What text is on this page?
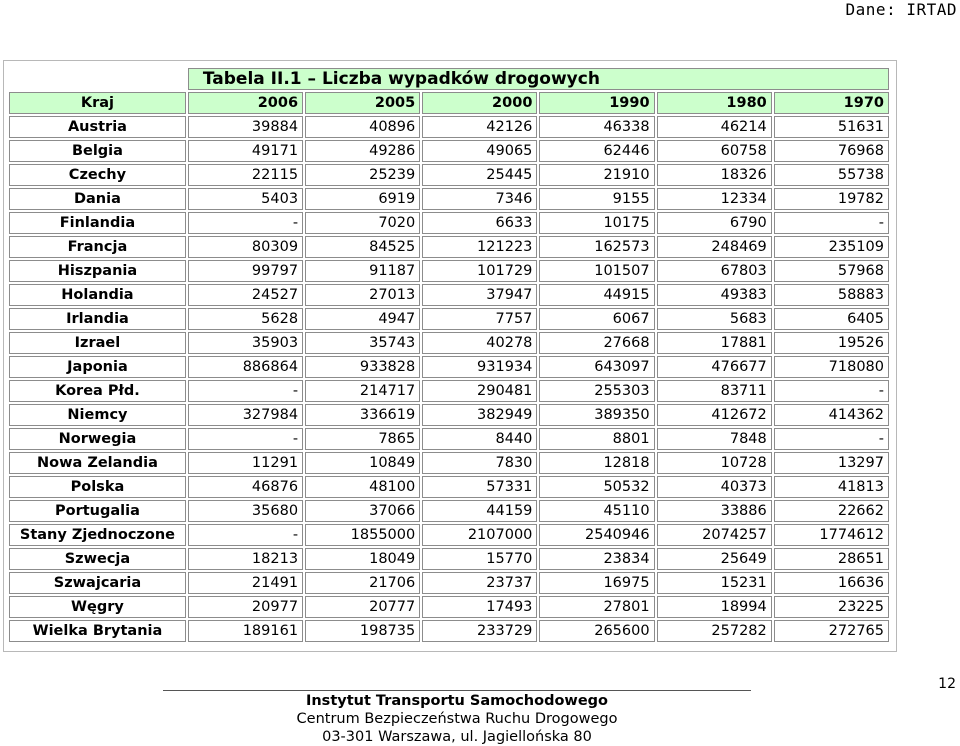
Dane: IRTAD
	Tabela II.1 – Liczba wypadków drogowych					
Kraj	2006	2005	2000	1990	1980	1970
Austria	39884	40896	42126	46338	46214	51631
Belgia	49171	49286	49065	62446	60758	76968
Czechy	22115	25239	25445	21910	18326	55738
Dania	5403	6919	7346	9155	12334	19782
Finlandia	-	7020	6633	10175	6790	-
Francja	80309	84525	121223	162573	248469	235109
Hiszpania	99797	91187	101729	101507	67803	57968
Holandia	24527	27013	37947	44915	49383	58883
Irlandia	5628	4947	7757	6067	5683	6405
Izrael	35903	35743	40278	27668	17881	19526
Japonia	886864	933828	931934	643097	476677	718080
Korea Płd.	-	214717	290481	255303	83711	-
Niemcy	327984	336619	382949	389350	412672	414362
Norwegia	-	7865	8440	8801	7848	-
Nowa Zelandia	11291	10849	7830	12818	10728	13297
Polska	46876	48100	57331	50532	40373	41813
Portugalia	35680	37066	44159	45110	33886	22662
Stany Zjednoczone	-	1855000	2107000	2540946	2074257	1774612
Szwecja	18213	18049	15770	23834	25649	28651
Szwajcaria	21491	21706	23737	16975	15231	16636
Węgry	20977	20777	17493	27801	18994	23225
Wielka Brytania	189161	198735	233729	265600	257282	272765
12
Instytut Transportu Samochodowego
Centrum Bezpieczeństwa Ruchu Drogowego
03-301 Warszawa, ul. Jagiellońska 80
